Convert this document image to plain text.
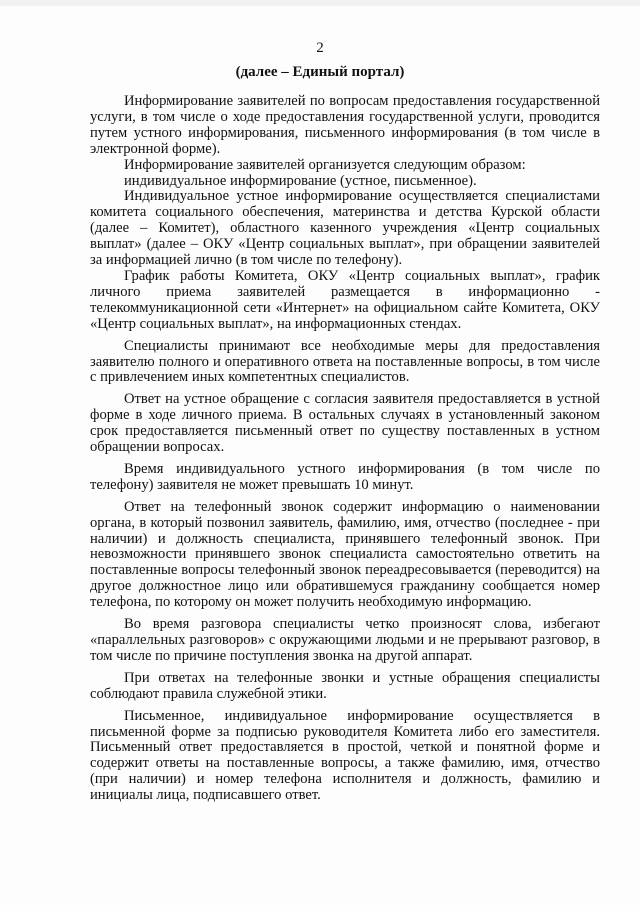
2
(далее – Единый портал)

Информирование заявителей по вопросам предоставления государственной услуги, в том числе о ходе предоставления государственной услуги, проводится путем устного информирования, письменного информирования (в том числе в электронной форме).

Информирование заявителей организуется следующим образом:

индивидуальное информирование (устное, письменное).

Индивидуальное устное информирование осуществляется специалистами комитета социального обеспечения, материнства и детства Курской области (далее – Комитет), областного казенного учреждения «Центр социальных выплат» (далее – ОКУ «Центр социальных выплат», при обращении заявителей за информацией лично (в том числе по телефону).

График работы Комитета, ОКУ «Центр социальных выплат», график личного приема заявителей размещается в информационно - телекоммуникационной сети «Интернет» на официальном сайте Комитета, ОКУ «Центр социальных выплат», на информационных стендах.

Специалисты принимают все необходимые меры для предоставления заявителю полного и оперативного ответа на поставленные вопросы, в том числе с привлечением иных компетентных специалистов.

Ответ на устное обращение с согласия заявителя предоставляется в устной форме в ходе личного приема. В остальных случаях в установленный законом срок предоставляется письменный ответ по существу поставленных в устном обращении вопросах.

Время индивидуального устного информирования (в том числе по телефону) заявителя не может превышать 10 минут.

Ответ на телефонный звонок содержит информацию о наименовании органа, в который позвонил заявитель, фамилию, имя, отчество (последнее - при наличии) и должность специалиста, принявшего телефонный звонок. При невозможности принявшего звонок специалиста самостоятельно ответить на поставленные вопросы телефонный звонок переадресовывается (переводится) на другое должностное лицо или обратившемуся гражданину сообщается номер телефона, по которому он может получить необходимую информацию.

Во время разговора специалисты четко произносят слова, избегают «параллельных разговоров» с окружающими людьми и не прерывают разговор, в том числе по причине поступления звонка на другой аппарат.

При ответах на телефонные звонки и устные обращения специалисты соблюдают правила служебной этики.

Письменное, индивидуальное информирование осуществляется в письменной форме за подписью руководителя Комитета либо его заместителя. Письменный ответ предоставляется в простой, четкой и понятной форме и содержит ответы на поставленные вопросы, а также фамилию, имя, отчество (при наличии) и номер телефона исполнителя и должность, фамилию и инициалы лица, подписавшего ответ.
